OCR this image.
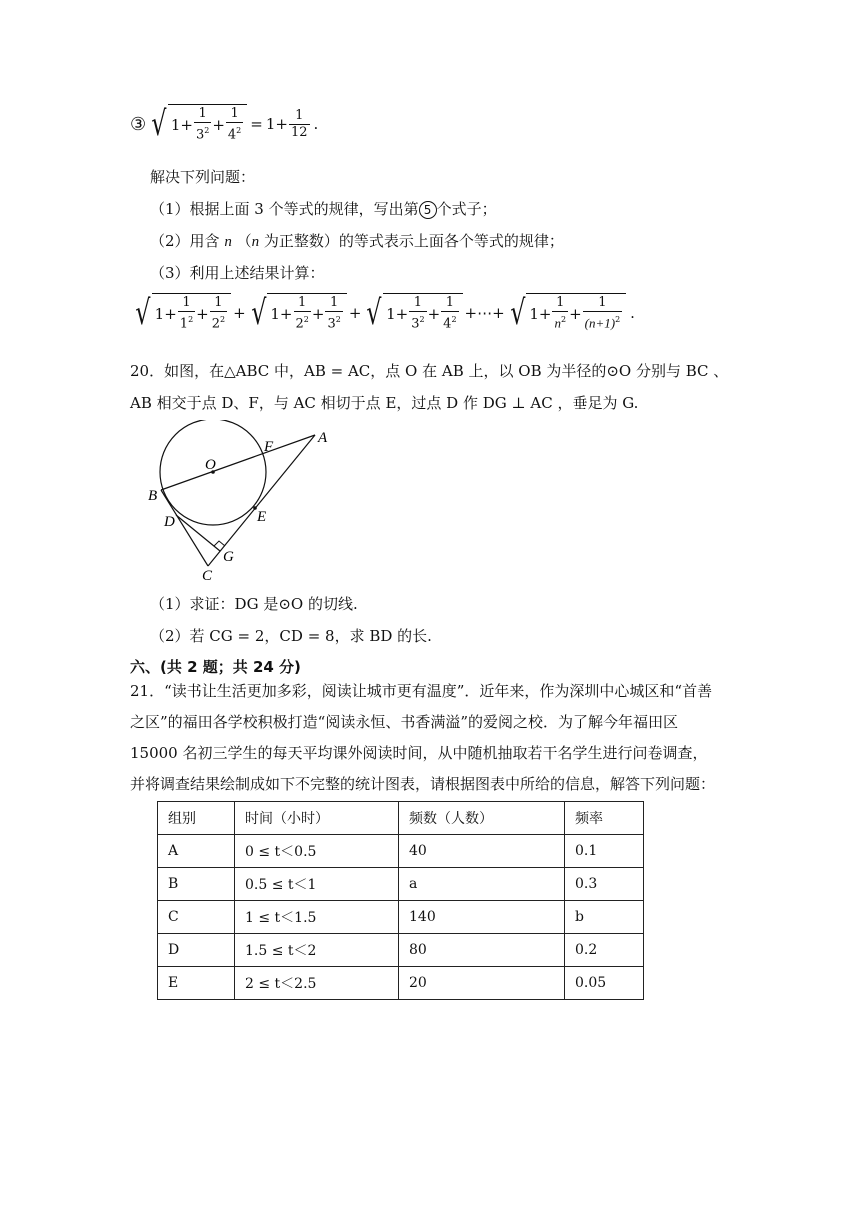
③ √ $1 + \frac{1}{3^2} + \frac{1}{4^2} = 1 + \frac{1}{12}$ .
解决下列问题：
（1）根据上面 3 个等式的规律，写出第 5 个式子；
（2）用含 n （n 为正整数）的等式表示上面各个等式的规律；
（3）利用上述结果计算：
√ $1+ \frac{1}{1^2} + \frac{1}{2^2}$ + √ $1+ \frac{1}{2^2} + \frac{1}{3^2}$ + √ $1+ \frac{1}{3^2} + \frac{1}{4^2}$ +⋯+ √ $1+ \frac{1}{n^2} + \frac{1}{(n+1)^2}$ .
20．如图，在△ABC 中，AB = AC，点 O 在 AB 上，以 OB 为半径的⊙O 分别与 BC 、
AB 相交于点 D、F，与 AC 相切于点 E，过点 D 作 DG ⊥ AC ，垂足为 G.
O
F
A
B
D	E
G
C
（1）求证：DG 是⊙O 的切线.
（2）若 CG = 2，CD = 8，求 BD 的长.
六、(共 2 题；共 24 分)
21．“读书让生活更加多彩，阅读让城市更有温度”．近年来，作为深圳中心城区和“首善
之区”的福田各学校积极打造“阅读永恒、书香满溢”的爱阅之校．为了解今年福田区
15000 名初三学生的每天平均课外阅读时间，从中随机抽取若干名学生进行问卷调查，
并将调查结果绘制成如下不完整的统计图表，请根据图表中所给的信息，解答下列问题：
组别	时间（小时）	频数（人数）	频率
A	0 ≤ t＜0.5	40	0.1
B	0.5 ≤ t＜1	a	0.3
C	1 ≤ t＜1.5	140	b
D	1.5 ≤ t＜2	80	0.2
E	2 ≤ t＜2.5	20	0.05
